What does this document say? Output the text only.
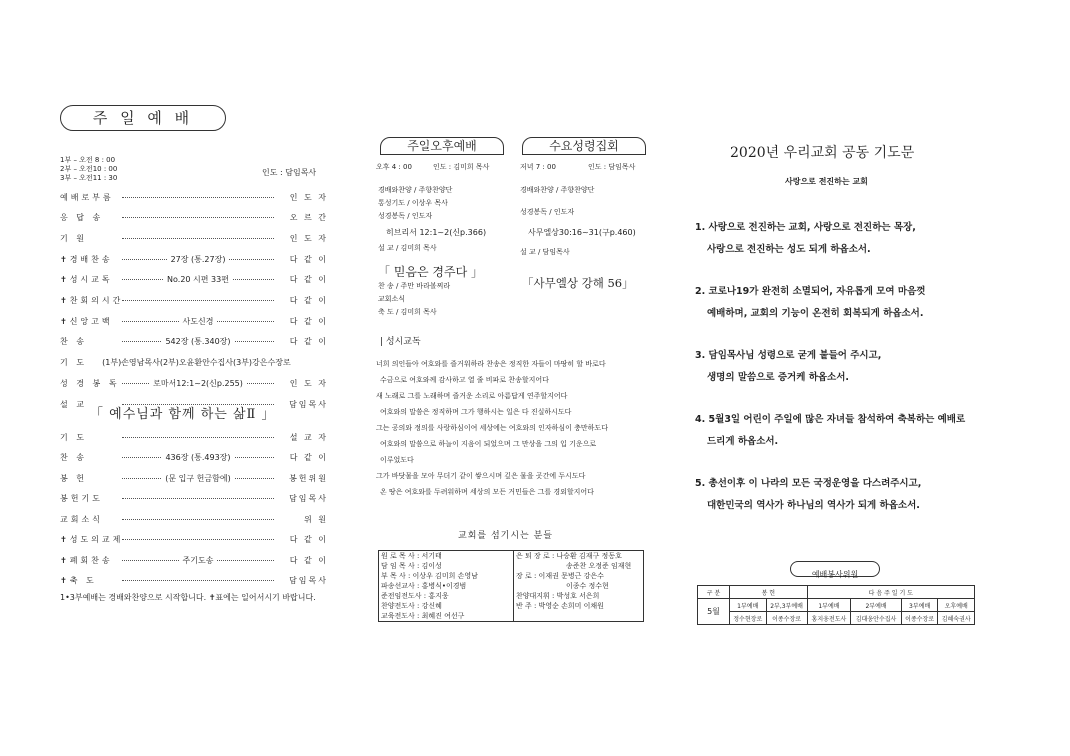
주 일 예 배
1부 – 오전 8 : 00
2부 – 오전10 : 00
3부 – 오전11 : 30
인도 : 담임목사
예배로부름	인 도 자
응 답 송	오 르 간
기 원	인 도 자
✝경배찬송	27장 (통.27장)	다 같 이
✝성시교독	No.20 시편 33편	다 같 이
✝찬회의시간	다 같 이
✝신앙고백	사도신경	다 같 이
찬 송	542장 (통.340장)	다 같 이
기 도	(1부)손영남목사(2부)오윤환안수집사(3부)강은수장로
성 경 봉 독	로마서12:1~2(신p.255)	인 도 자
설 교	담임목사
「 예수님과 함께 하는 삶Ⅱ 」
기 도	설 교 자
찬 송	436장 (통.493장)	다 같 이
봉 헌	(문 입구 헌금함에)	봉헌위원
봉헌기도	담임목사
교회소식	위 원
✝성도의교제	다 같 이
✝폐회찬송	주기도송	다 같 이
✝축 도	담임목사
1•3부예배는 경배와찬양으로 시작합니다. ✝표에는 일어서시기 바랍니다.
주일오후예배	수요성령집회
오후 4 : 00	인도 : 김미희 목사	저녁 7 : 00	인도 : 담임목사
경배와찬양 / 주향찬양단
통성기도 / 이상우 목사
성경봉독 / 인도자
히브리서 12:1~2(신p.366)
설 교 / 김미희 목사
「 믿음은 경주다 」
찬 송 / 주만 바라볼찌라
교회소식
축 도 / 김미희 목사
경배와찬양 / 주향찬양단
성경봉독 / 인도자
사무엘상30:16~31(구p.460)
설 교 / 담임목사
「사무엘상 강해 56」
| 성시교독
너희 의인들아 여호와를 즐거워하라 찬송은 정직한 자들이 마땅히 할 바로다
수금으로 여호와께 감사하고 열 줄 비파로 찬송할지어다
새 노래로 그를 노래하며 즐거운 소리로 아름답게 연주할지어다
여호와의 말씀은 정직하며 그가 행하시는 일은 다 진실하시도다
그는 공의와 정의를 사랑하심이여 세상에는 여호와의 인자하심이 충만하도다
여호와의 말씀으로 하늘이 지음이 되었으며 그 만상을 그의 입 기운으로
이루었도다
그가 바닷물을 모아 무더기 같이 쌓으시며 깊은 물을 곳간에 두시도다
온 땅은 여호와를 두려워하며 세상의 모든 거민들은 그를 경외할지어다
교회를 섬기시는 분들
원 로 목 사 : 서기태
담 임 목 사 : 김이성
부 목 사 : 이상우 김미희 손영남
파송선교사 : 홍병식•이경범
준전임전도사 : 홍지웅
찬양전도사 : 강신혜
교육전도사 : 최혜진 여선구

은 퇴 장 로 : 나승환 김재구 정동호
송준찬 오정준 임재현
장 로 : 이재권 문병근 강은수
이종수 정수현
찬양대지휘 : 박성호 서은희
반 주 : 박영순 손희미 이채원
2020년 우리교회 공동 기도문
사랑으로 전진하는 교회
1. 사랑으로 전진하는 교회, 사랑으로 전진하는 목장,
사랑으로 전진하는 성도 되게 하옵소서.
2. 코로나19가 완전히 소멸되어, 자유롭게 모여 마음껏
예배하며, 교회의 기능이 온전히 회복되게 하옵소서.
3. 담임목사님 성령으로 굳게 붙들어 주시고,
생명의 말씀으로 증거케 하옵소서.
4. 5월3일 어린이 주일에 많은 자녀들 참석하여 축복하는 예배로
드리게 하옵소서.
5. 총선이후 이 나라의 모든 국정운영을 다스려주시고,
대한민국의 역사가 하나님의 역사가 되게 하옵소서.
예배봉사위원
구 분	봉 헌		다 음 주 일 기 도			
5월	1부예배	2부,3부예배	1부예배	2부예배	3부예배	오후예배
	정수현장로	이종수장로	홍지웅전도사	김대웅안수집사	이종수장로	김혜숙권사
